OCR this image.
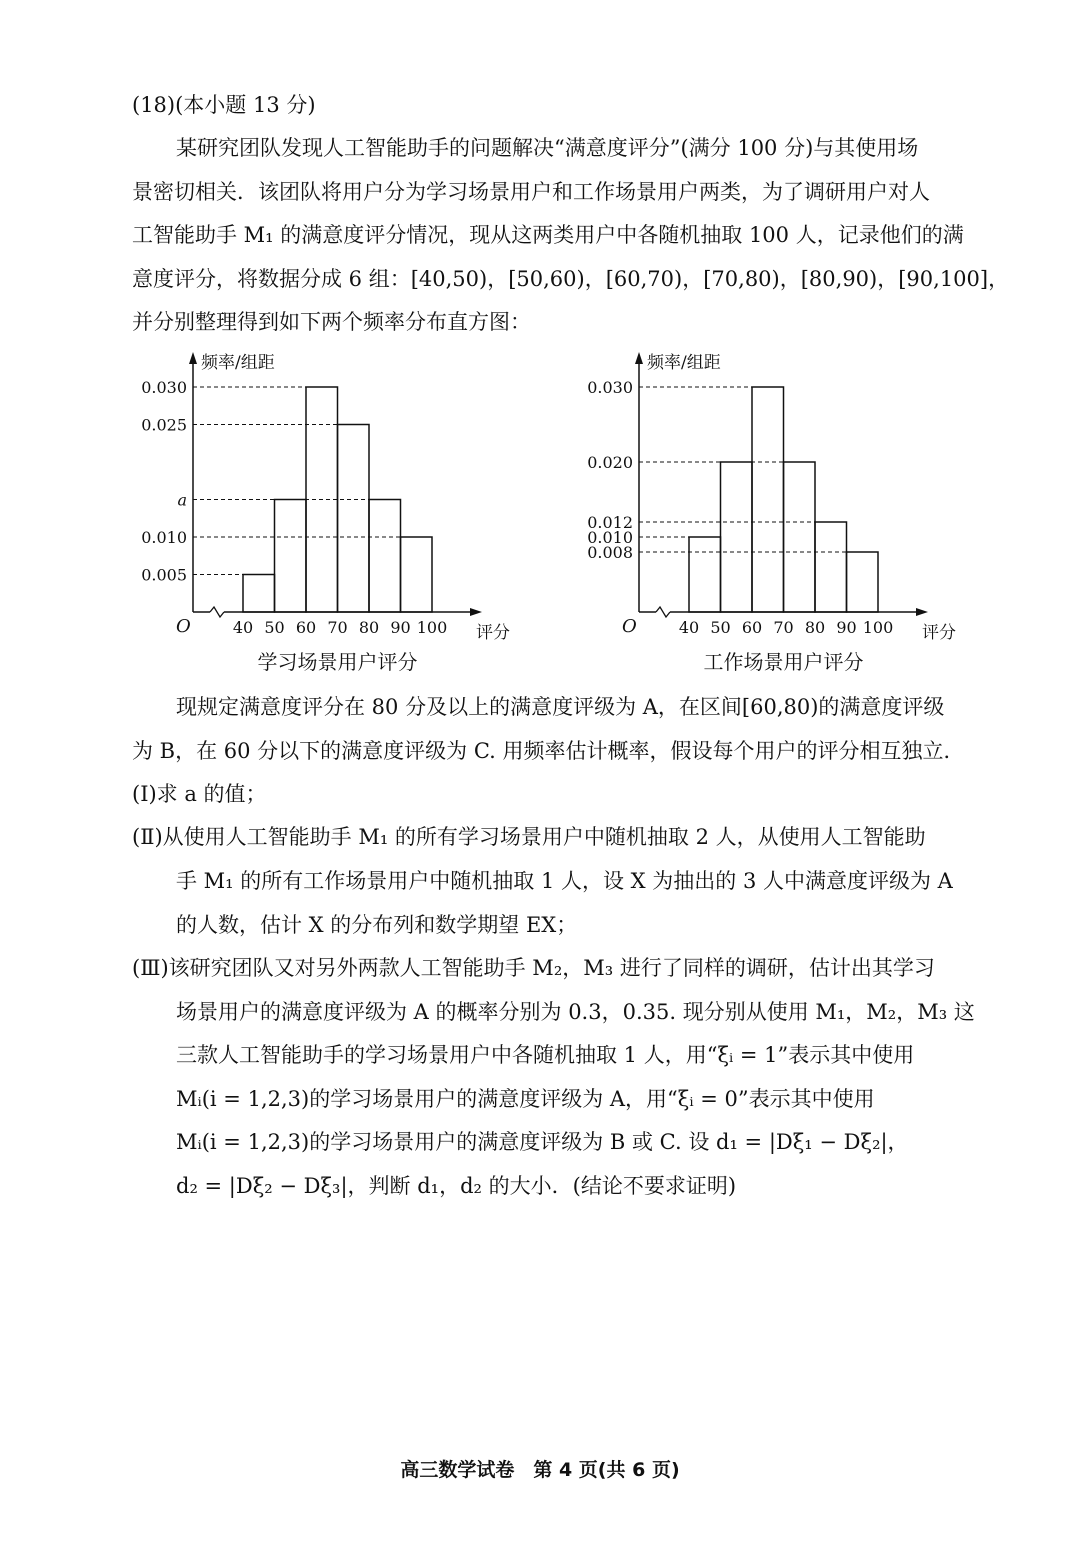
(18)(本小题 13 分)
某研究团队发现人工智能助手的问题解决“满意度评分”(满分 100 分)与其使用场
景密切相关．该团队将用户分为学习场景用户和工作场景用户两类，为了调研用户对人
工智能助手 M₁ 的满意度评分情况，现从这两类用户中各随机抽取 100 人，记录他们的满
意度评分，将数据分成 6 组：[40,50)，[50,60)，[60,70)，[70,80)，[80,90)，[90,100]，
并分别整理得到如下两个频率分布直方图：
频率/组距
评分
O	40 50 60 70 80 90 100
0.030
0.025
a
0.010
0.005
学习场景用户评分
频率/组距
评分
O	40 50 60 70 80 90 100
0.030
0.020
0.012
0.010
0.008
工作场景用户评分
现规定满意度评分在 80 分及以上的满意度评级为 A，在区间[60,80)的满意度评级
为 B，在 60 分以下的满意度评级为 C. 用频率估计概率，假设每个用户的评分相互独立．
(Ⅰ)求 a 的值；
(Ⅱ)从使用人工智能助手 M₁ 的所有学习场景用户中随机抽取 2 人，从使用人工智能助
手 M₁ 的所有工作场景用户中随机抽取 1 人，设 X 为抽出的 3 人中满意度评级为 A
的人数，估计 X 的分布列和数学期望 EX；
(Ⅲ)该研究团队又对另外两款人工智能助手 M₂，M₃ 进行了同样的调研，估计出其学习
场景用户的满意度评级为 A 的概率分别为 0.3，0.35. 现分别从使用 M₁，M₂，M₃ 这
三款人工智能助手的学习场景用户中各随机抽取 1 人，用“ξᵢ = 1”表示其中使用
Mᵢ(i = 1,2,3)的学习场景用户的满意度评级为 A，用“ξᵢ = 0”表示其中使用
Mᵢ(i = 1,2,3)的学习场景用户的满意度评级为 B 或 C. 设 d₁ = |Dξ₁ − Dξ₂|，
d₂ = |Dξ₂ − Dξ₃|，判断 d₁，d₂ 的大小．(结论不要求证明)
高三数学试卷　第 4 页(共 6 页)
